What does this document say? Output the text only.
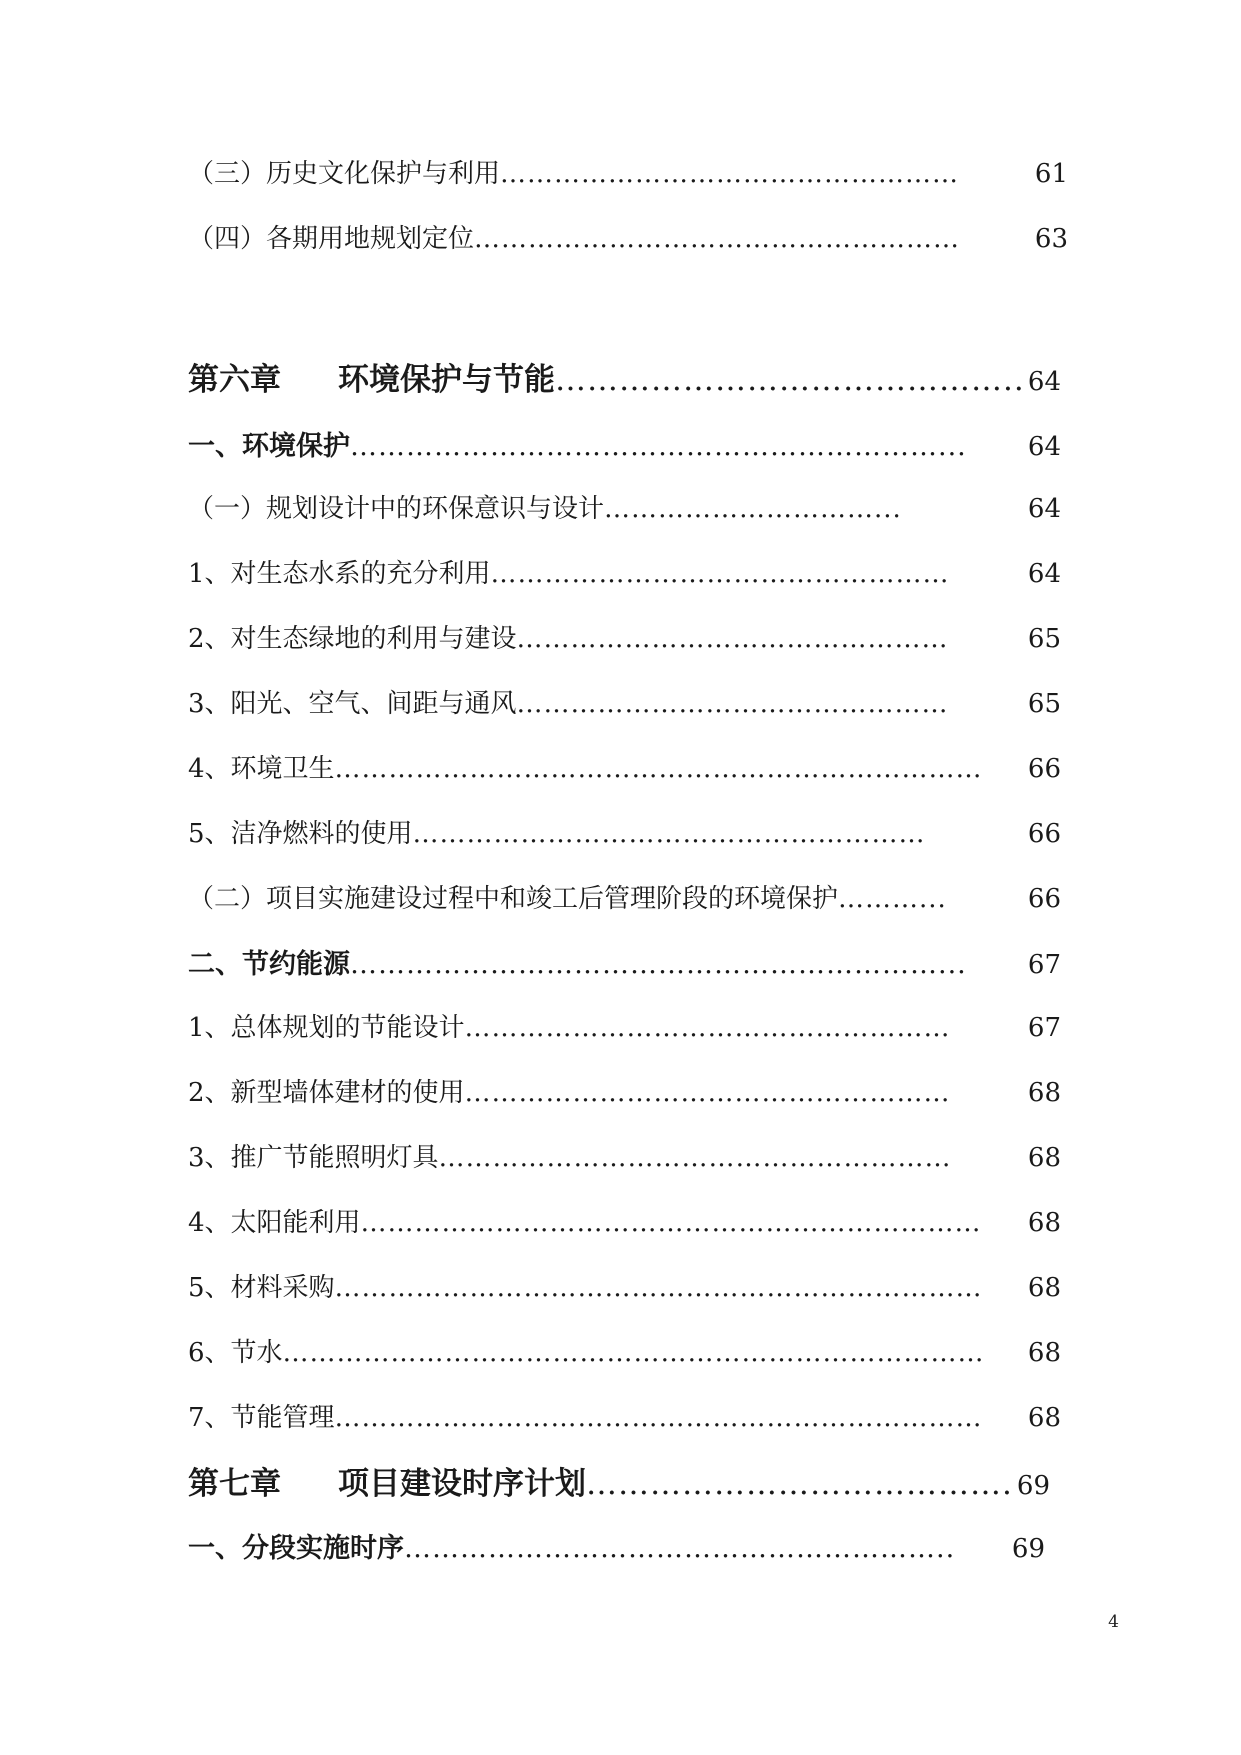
（三）历史文化保护与利用 ……………………………………………	61
（四）各期用地规划定位 ………………………………………………	63
第六章 环境保护与节能 …………………………………….. 64
一、环境保护 ………………………………………………………...	64
（一）规划设计中的环保意识与设计 …………………………...	64
1、对生态水系的充分利用 ……………………………………………	64
2、对生态绿地的利用与建设 …………………………………………	65
3、阳光、空气、间距与通风 …………………………………………	65
4、环境卫生 ………………………………………………………………	66
5、洁净燃料的使用 …………………………………………………	66
（二）项目实施建设过程中和竣工后管理阶段的环境保护 ………...	66
二、节约能源 ………………………………………………………...	67
1、总体规划的节能设计 ………………………………………………	67
2、新型墙体建材的使用 ………………………………………………	68
3、推广节能照明灯具 …………………………………………………	68
4、太阳能利用 ……………………………………………………………	68
5、材料采购 ………………………………………………………………	68
6、节水 ……………………………………………………………………	68
7、节能管理 ………………………………………………………………	68
第七章 项目建设时序计划 …………………………………. 69
一、分段实施时序 …………………………………………………..	69
4
